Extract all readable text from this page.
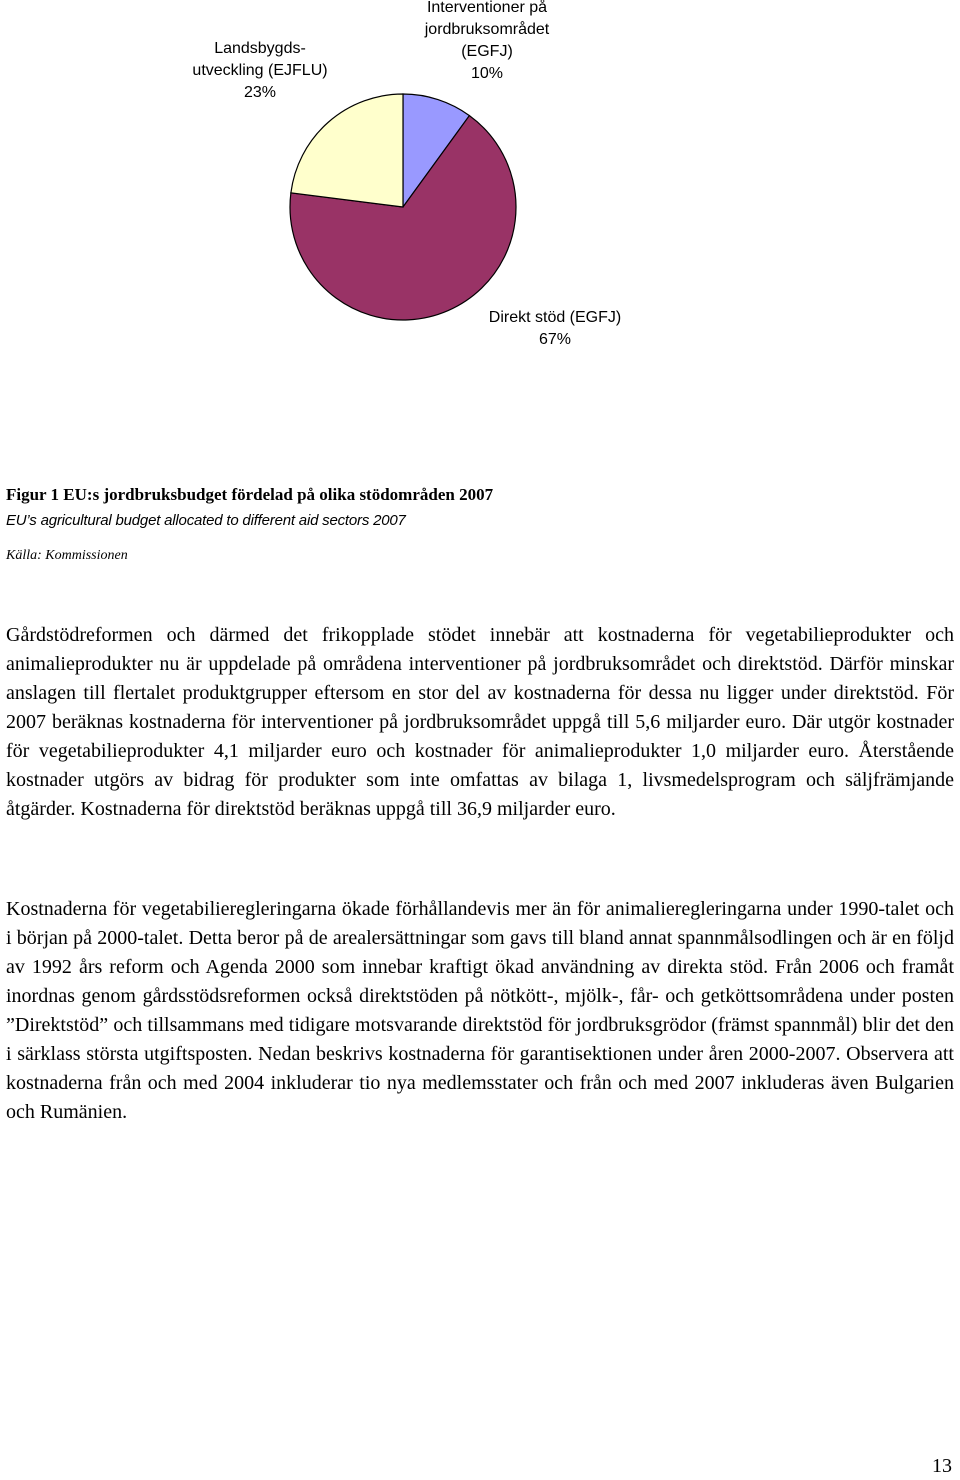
Landsbygds-
utveckling (EJFLU)
23%
Interventioner på
jordbruksområdet
(EGFJ)
10%
Direkt stöd (EGFJ)
67%
Figur 1 EU:s jordbruksbudget fördelad på olika stödområden 2007
EU’s agricultural budget allocated to different aid sectors 2007
Källa: Kommissionen

Gårdstödreformen och därmed det frikopplade stödet innebär att kostnaderna för vegetabilieprodukter och animalieprodukter nu är uppdelade på områdena interventioner på jordbruksområdet och direktstöd. Därför minskar anslagen till flertalet produktgrupper eftersom en stor del av kostnaderna för dessa nu ligger under direktstöd. För 2007 beräknas kostnaderna för interventioner på jordbruksområdet uppgå till 5,6 miljarder euro. Där utgör kostnader för vegetabilieprodukter 4,1 miljarder euro och kostnader för animalieprodukter 1,0 miljarder euro. Återstående kostnader utgörs av bidrag för produkter som inte omfattas av bilaga 1, livsmedelsprogram och säljfrämjande åtgärder. Kostnaderna för direktstöd beräknas uppgå till 36,9 miljarder euro.

Kostnaderna för vegetabilieregleringarna ökade förhållandevis mer än för animalieregleringarna under 1990-talet och i början på 2000-talet. Detta beror på de arealersättningar som gavs till bland annat spannmålsodlingen och är en följd av 1992 års reform och Agenda 2000 som innebar kraftigt ökad användning av direkta stöd. Från 2006 och framåt inordnas genom gårdsstödsreformen också direktstöden på nötkött-, mjölk-, får- och getköttsområdena under posten ”Direktstöd” och tillsammans med tidigare motsvarande direktstöd för jordbruksgrödor (främst spannmål) blir det den i särklass största utgiftsposten. Nedan beskrivs kostnaderna för garantisektionen under åren 2000-2007. Observera att kostnaderna från och med 2004 inkluderar tio nya medlemsstater och från och med 2007 inkluderas även Bulgarien och Rumänien.

13
